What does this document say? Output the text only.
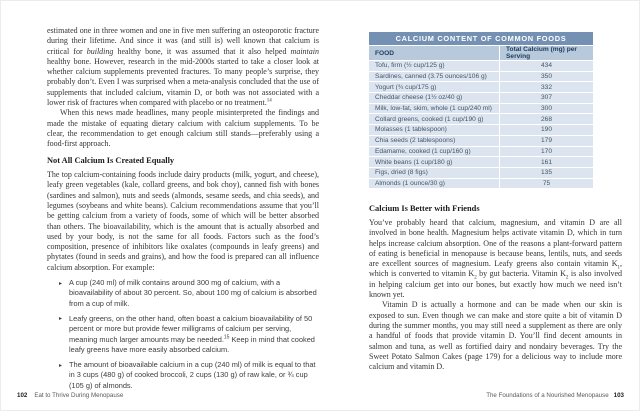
estimated one in three women and one in five men suffering an osteoporotic fracture during their lifetime. And since it was (and still is) well known that calcium is critical for building healthy bone, it was assumed that it also helped maintain healthy bone. However, research in the mid-2000s started to take a closer look at whether calcium supplements prevented fractures. To many people’s surprise, they probably don’t. Even I was surprised when a meta-analysis concluded that the use of supplements that included calcium, vitamin D, or both was not associated with a lower risk of fractures when compared with placebo or no treatment.$^{14}$

When this news made headlines, many people misinterpreted the findings and made the mistake of equating dietary calcium with calcium supplements. To be clear, the recommendation to get enough calcium still stands—preferably using a food-first approach.

Not All Calcium Is Created Equally

The top calcium-containing foods include dairy products (milk, yogurt, and cheese), leafy green vegetables (kale, collard greens, and bok choy), canned fish with bones (sardines and salmon), nuts and seeds (almonds, sesame seeds, and chia seeds), and legumes (soybeans and white beans). Calcium recommendations assume that you’ll be getting calcium from a variety of foods, some of which will be better absorbed than others. The bioavailability, which is the amount that is actually absorbed and used by your body, is not the same for all foods. Factors such as the food’s composition, presence of inhibitors like oxalates (compounds in leafy greens) and phytates (found in seeds and grains), and how the food is prepared can all influence calcium absorption. For example:

▸ A cup (240 ml) of milk contains around 300 mg of calcium, with a bioavailability of about 30 percent. So, about 100 mg of calcium is absorbed from a cup of milk.
▸ Leafy greens, on the other hand, often boast a calcium bioavailability of 50 percent or more but provide fewer milligrams of calcium per serving, meaning much larger amounts may be needed.$^{15}$ Keep in mind that cooked leafy greens have more easily absorbed calcium.
▸ The amount of bioavailable calcium in a cup (240 ml) of milk is equal to that in 3 cups (480 g) of cooked broccoli, 2 cups (130 g) of raw kale, or ¾ cup (105 g) of almonds.
102 Eat to Thrive During Menopause
CALCIUM CONTENT OF COMMON FOODS	
FOOD	Total Calcium (mg) per Serving
Tofu, firm (½ cup/125 g)	434
Sardines, canned (3.75 ounces/106 g)	350
Yogurt (¾ cup/175 g)	332
Cheddar cheese (1½ oz/40 g)	307
Milk, low-fat, skim, whole (1 cup/240 ml)	300
Collard greens, cooked (1 cup/190 g)	268
Molasses (1 tablespoon)	190
Chia seeds (2 tablespoons)	179
Edamame, cooked (1 cup/160 g)	170
White beans (1 cup/180 g)	161
Figs, dried (8 figs)	135
Almonds (1 ounce/30 g)	75
Calcium Is Better with Friends

You’ve probably heard that calcium, magnesium, and vitamin D are all involved in bone health. Magnesium helps activate vitamin D, which in turn helps increase calcium absorption. One of the reasons a plant-forward pattern of eating is beneficial in menopause is because beans, lentils, nuts, and seeds are excellent sources of magnesium. Leafy greens also contain vitamin $K_1$, which is converted to vitamin $K_2$ by gut bacteria. Vitamin $K_2$ is also involved in helping calcium get into our bones, but exactly how much we need isn’t known yet.

Vitamin D is actually a hormone and can be made when our skin is exposed to sun. Even though we can make and store quite a bit of vitamin D during the summer months, you may still need a supplement as there are only a handful of foods that provide vitamin D. You’ll find decent amounts in salmon and tuna, as well as fortified dairy and nondairy beverages. Try the Sweet Potato Salmon Cakes (page 179) for a delicious way to include more calcium and vitamin D.

The Foundations of a Nourished Menopause 103
